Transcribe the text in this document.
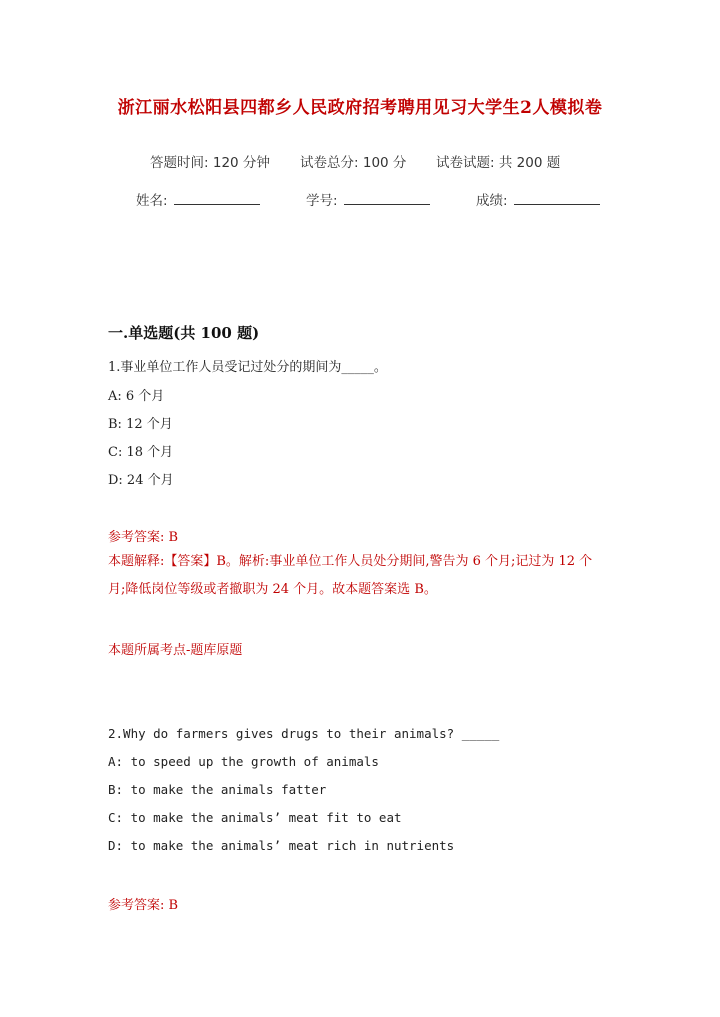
浙江丽水松阳县四都乡人民政府招考聘用见习大学生2人模拟卷
答题时间: 120 分钟 试卷总分: 100 分 试卷试题: 共 200 题
姓名:	学号:	成绩:
一.单选题(共 100 题)
1.事业单位工作人员受记过处分的期间为_____。
A: 6 个月
B: 12 个月
C: 18 个月
D: 24 个月
参考答案: B
本题解释:【答案】B。解析:事业单位工作人员处分期间,警告为 6 个月;记过为 12 个月;降低岗位等级或者撤职为 24 个月。故本题答案选 B。
本题所属考点-题库原题
2.Why do farmers gives drugs to their animals? _____
A: to speed up the growth of animals
B: to make the animals fatter
C: to make the animals’ meat fit to eat
D: to make the animals’ meat rich in nutrients
参考答案: B
